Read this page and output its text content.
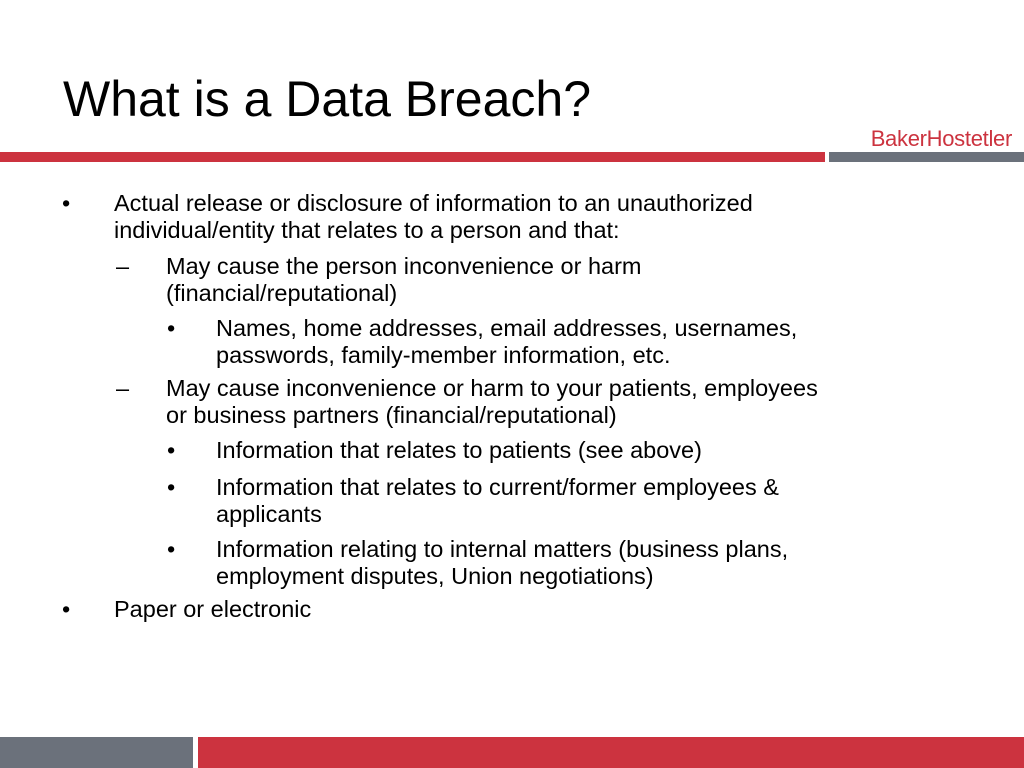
What is a Data Breach?
BakerHostetler
• Actual release or disclosure of information to an unauthorized
individual/entity that relates to a person and that:
– May cause the person inconvenience or harm
(financial/reputational)
• Names, home addresses, email addresses, usernames,
passwords, family-member information, etc.
– May cause inconvenience or harm to your patients, employees
or business partners (financial/reputational)
• Information that relates to patients (see above)
• Information that relates to current/former employees &
applicants
• Information relating to internal matters (business plans,
employment disputes, Union negotiations)
• Paper or electronic
